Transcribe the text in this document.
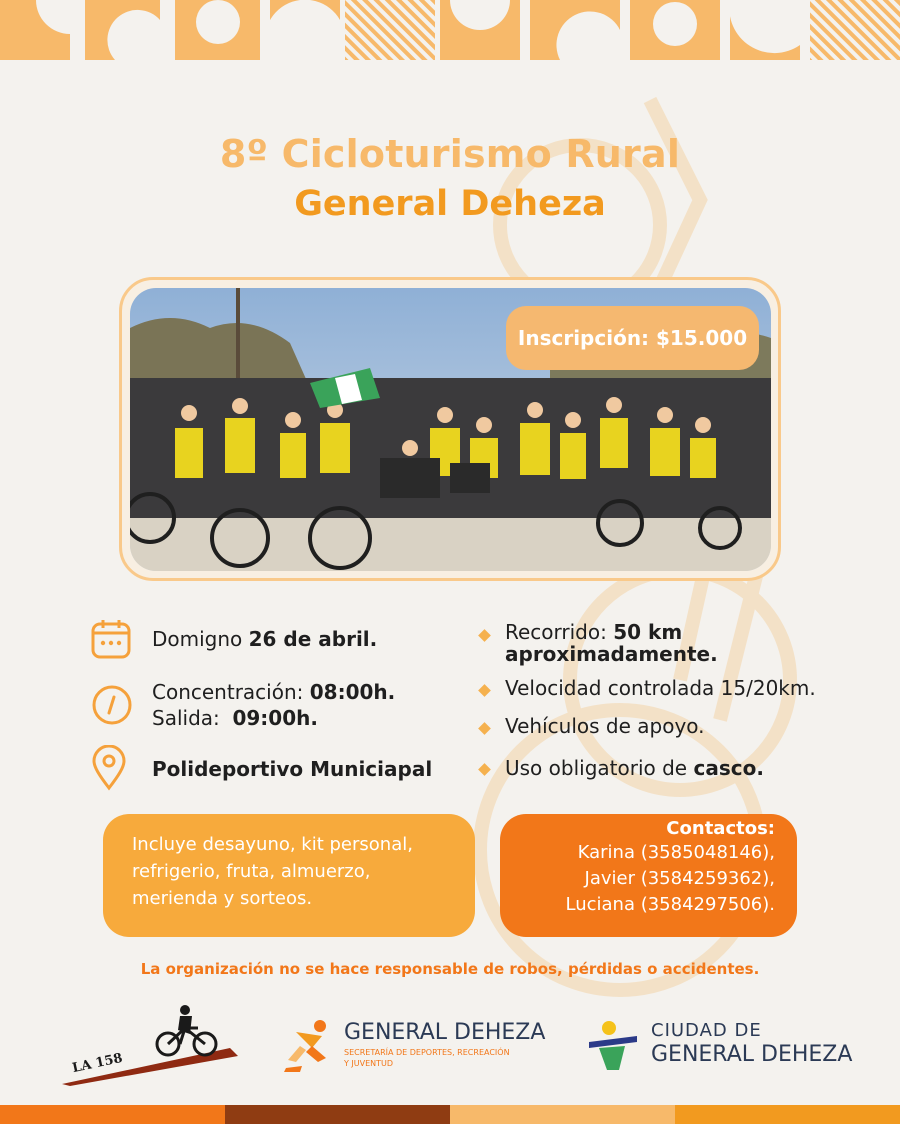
8º Cicloturismo Rural
General Deheza
Inscripción: $15.000
Domigno 26 de abril.
Concentración: 08:00h.
Salida:  09:00h.
Polideportivo Municiapal
Recorrido: 50 km
aproximadamente.
Velocidad controlada 15/20km.
Vehículos de apoyo.
Uso obligatorio de casco.
Incluye desayuno, kit personal,
refrigerio, fruta, almuerzo,
merienda y sorteos.
Contactos:
Karina (3585048146),
Javier (3584259362),
Luciana (3584297506).
La organización no se hace responsable de robos, pérdidas o accidentes.
LA 158
GENERAL DEHEZA
SECRETARÍA DE DEPORTES, RECREACIÓN
Y JUVENTUD
CIUDAD DE
GENERAL DEHEZA
